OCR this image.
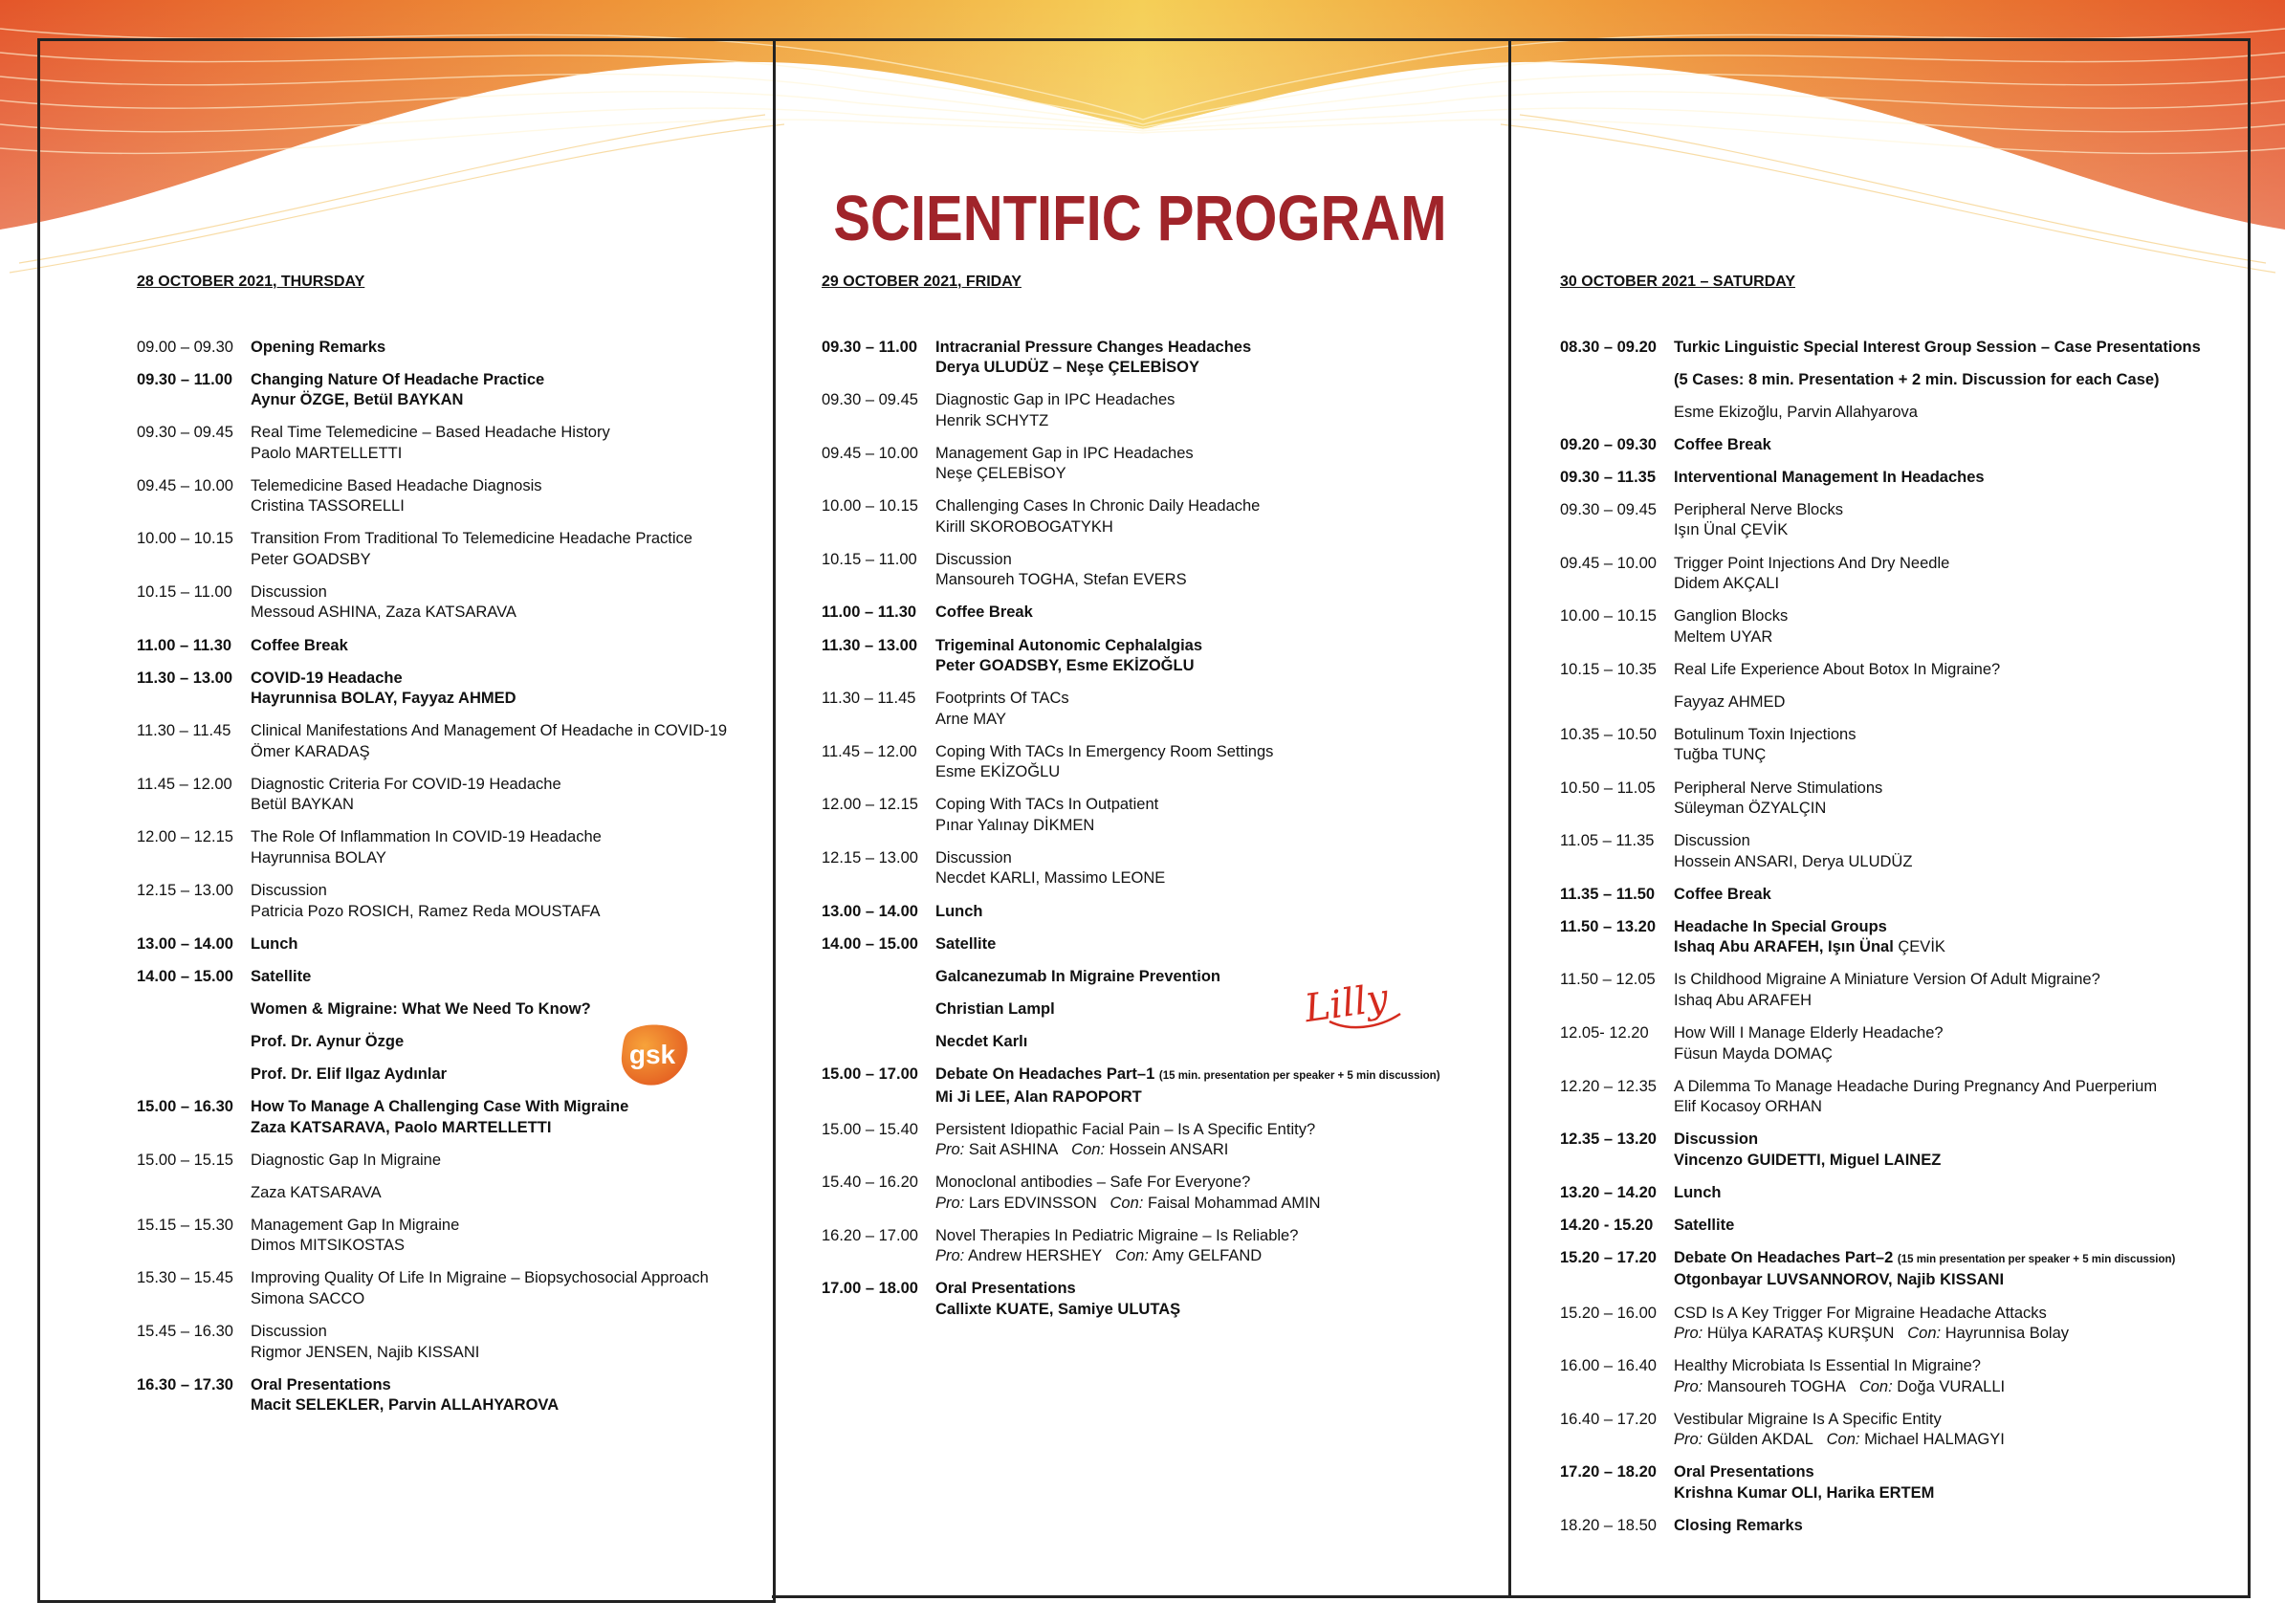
SCIENTIFIC PROGRAM
28 OCTOBER 2021, THURSDAY
09.00 – 09.30	Opening Remarks
09.30 – 11.00	Changing Nature Of Headache Practice
Aynur ÖZGE, Betül BAYKAN
09.30 – 09.45	Real Time Telemedicine – Based Headache History
Paolo MARTELLETTI
09.45 – 10.00	Telemedicine Based Headache Diagnosis
Cristina TASSORELLI
10.00 – 10.15	Transition From Traditional To Telemedicine Headache Practice
Peter GOADSBY
10.15 – 11.00	Discussion
Messoud ASHINA, Zaza KATSARAVA
11.00 – 11.30	Coffee Break
11.30 – 13.00	COVID-19 Headache
Hayrunnisa BOLAY, Fayyaz AHMED
11.30 – 11.45	Clinical Manifestations And Management Of Headache in COVID-19
Ömer KARADAŞ
11.45 – 12.00	Diagnostic Criteria For COVID-19 Headache
Betül BAYKAN
12.00 – 12.15	The Role Of Inflammation In COVID-19 Headache
Hayrunnisa BOLAY
12.15 – 13.00	Discussion
Patricia Pozo ROSICH, Ramez Reda MOUSTAFA
13.00 – 14.00	Lunch
14.00 – 15.00	Satellite
Women & Migraine: What We Need To Know?
Prof. Dr. Aynur Özge
Prof. Dr. Elif Ilgaz Aydınlar
15.00 – 16.30	How To Manage A Challenging Case With Migraine
Zaza KATSARAVA, Paolo MARTELLETTI
15.00 – 15.15	Diagnostic Gap In Migraine
Zaza KATSARAVA
15.15 – 15.30	Management Gap In Migraine
Dimos MITSIKOSTAS
15.30 – 15.45	Improving Quality Of Life In Migraine – Biopsychosocial Approach
Simona SACCO
15.45 – 16.30	Discussion
Rigmor JENSEN, Najib KISSANI
16.30 – 17.30	Oral Presentations
Macit SELEKLER, Parvin ALLAHYAROVA
29 OCTOBER 2021, FRIDAY
09.30 – 11.00	Intracranial Pressure Changes Headaches
Derya ULUDÜZ – Neşe ÇELEBİSOY
09.30 – 09.45	Diagnostic Gap in IPC Headaches
Henrik SCHYTZ
09.45 – 10.00	Management Gap in IPC Headaches
Neşe ÇELEBİSOY
10.00 – 10.15	Challenging Cases In Chronic Daily Headache
Kirill SKOROBOGATYKH
10.15 – 11.00	Discussion
Mansoureh TOGHA, Stefan EVERS
11.00 – 11.30	Coffee Break
11.30 – 13.00	Trigeminal Autonomic Cephalalgias
Peter GOADSBY, Esme EKİZOĞLU
11.30 – 11.45	Footprints Of TACs
Arne MAY
11.45 – 12.00	Coping With TACs In Emergency Room Settings
Esme EKİZOĞLU
12.00 – 12.15	Coping With TACs In Outpatient
Pınar Yalınay DİKMEN
12.15 – 13.00	Discussion
Necdet KARLI, Massimo LEONE
13.00 – 14.00	Lunch
14.00 – 15.00	Satellite
Galcanezumab In Migraine Prevention
Christian Lampl
Necdet Karlı
15.00 – 17.00	Debate On Headaches Part–1 (15 min. presentation per speaker + 5 min discussion)
Mi Ji LEE, Alan RAPOPORT
15.00 – 15.40	Persistent Idiopathic Facial Pain – Is A Specific Entity?
Pro: Sait ASHINA Con: Hossein ANSARI
15.40 – 16.20	Monoclonal antibodies – Safe For Everyone?
Pro: Lars EDVINSSON Con: Faisal Mohammad AMIN
16.20 – 17.00	Novel Therapies In Pediatric Migraine – Is Reliable?
Pro: Andrew HERSHEY Con: Amy GELFAND
17.00 – 18.00	Oral Presentations
Callixte KUATE, Samiye ULUTAŞ
30 OCTOBER 2021 – SATURDAY
08.30 – 09.20	Turkic Linguistic Special Interest Group Session – Case Presentations
(5 Cases: 8 min. Presentation + 2 min. Discussion for each Case)
Esme Ekizoğlu, Parvin Allahyarova
09.20 – 09.30	Coffee Break
09.30 – 11.35	Interventional Management In Headaches
09.30 – 09.45	Peripheral Nerve Blocks
Işın Ünal ÇEVİK
09.45 – 10.00	Trigger Point Injections And Dry Needle
Didem AKÇALI
10.00 – 10.15	Ganglion Blocks
Meltem UYAR
10.15 – 10.35	Real Life Experience About Botox In Migraine?
Fayyaz AHMED
10.35 – 10.50	Botulinum Toxin Injections
Tuğba TUNÇ
10.50 – 11.05	Peripheral Nerve Stimulations
Süleyman ÖZYALÇIN
11.05 – 11.35	Discussion
Hossein ANSARI, Derya ULUDÜZ
11.35 – 11.50	Coffee Break
11.50 – 13.20	Headache In Special Groups
Ishaq Abu ARAFEH, Işın Ünal ÇEVİK
11.50 – 12.05	Is Childhood Migraine A Miniature Version Of Adult Migraine?
Ishaq Abu ARAFEH
12.05- 12.20	How Will I Manage Elderly Headache?
Füsun Mayda DOMAÇ
12.20 – 12.35	A Dilemma To Manage Headache During Pregnancy And Puerperium
Elif Kocasoy ORHAN
12.35 – 13.20	Discussion
Vincenzo GUIDETTI, Miguel LAINEZ
13.20 – 14.20	Lunch
14.20 - 15.20	Satellite
15.20 – 17.20	Debate On Headaches Part–2 (15 min presentation per speaker + 5 min discussion)
Otgonbayar LUVSANNOROV, Najib KISSANI
15.20 – 16.00	CSD Is A Key Trigger For Migraine Headache Attacks
Pro: Hülya KARATAŞ KURŞUN Con: Hayrunnisa Bolay
16.00 – 16.40	Healthy Microbiata Is Essential In Migraine?
Pro: Mansoureh TOGHA Con: Doğa VURALLI
16.40 – 17.20	Vestibular Migraine Is A Specific Entity
Pro: Gülden AKDAL Con: Michael HALMAGYI
17.20 – 18.20	Oral Presentations
Krishna Kumar OLI, Harika ERTEM
18.20 – 18.50	Closing Remarks
gsk
Lilly
